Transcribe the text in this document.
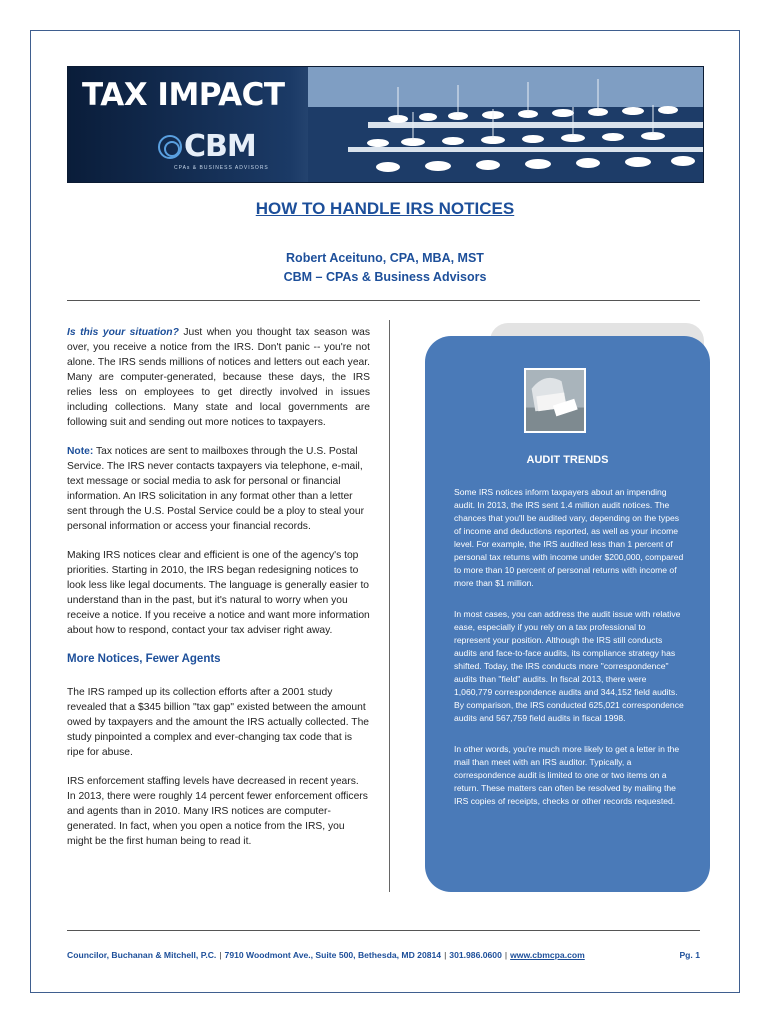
TAX IMPACT
CBM
CPAs & BUSINESS ADVISORS
HOW TO HANDLE IRS NOTICES
Robert Aceituno, CPA, MBA, MST
CBM – CPAs & Business Advisors

Is this your situation? Just when you thought tax season was over, you receive a notice from the IRS. Don't panic -- you're not alone. The IRS sends millions of notices and letters out each year. Many are computer-generated, because these days, the IRS relies less on employees to get directly involved in issues including collections. Many state and local governments are following suit and sending out more notices to taxpayers.

Note: Tax notices are sent to mailboxes through the U.S. Postal Service. The IRS never contacts taxpayers via telephone, e-mail, text message or social media to ask for personal or financial information. An IRS solicitation in any format other than a letter sent through the U.S. Postal Service could be a ploy to steal your personal information or access your financial records.

Making IRS notices clear and efficient is one of the agency's top priorities. Starting in 2010, the IRS began redesigning notices to look less like legal documents. The language is generally easier to understand than in the past, but it's natural to worry when you receive a notice. If you receive a notice and want more information about how to respond, contact your tax adviser right away.

More Notices, Fewer Agents

The IRS ramped up its collection efforts after a 2001 study revealed that a $345 billion "tax gap" existed between the amount owed by taxpayers and the amount the IRS actually collected. The study pinpointed a complex and ever-changing tax code that is ripe for abuse.

IRS enforcement staffing levels have decreased in recent years. In 2013, there were roughly 14 percent fewer enforcement officers and agents than in 2010. Many IRS notices are computer-generated. In fact, when you open a notice from the IRS, you might be the first human being to read it.

AUDIT TRENDS

Some IRS notices inform taxpayers about an impending audit. In 2013, the IRS sent 1.4 million audit notices. The chances that you'll be audited vary, depending on the types of income and deductions reported, as well as your income level. For example, the IRS audited less than 1 percent of personal tax returns with income under $200,000, compared to more than 10 percent of personal returns with income of more than $1 million.

In most cases, you can address the audit issue with relative ease, especially if you rely on a tax professional to represent your position. Although the IRS still conducts audits and face-to-face audits, its compliance strategy has shifted. Today, the IRS conducts more "correspondence" audits than "field" audits. In fiscal 2013, there were 1,060,779 correspondence audits and 344,152 field audits. By comparison, the IRS conducted 625,021 correspondence audits and 567,759 field audits in fiscal 1998.

In other words, you're much more likely to get a letter in the mail than meet with an IRS auditor. Typically, a correspondence audit is limited to one or two items on a return. These matters can often be resolved by mailing the IRS copies of receipts, checks or other records requested.

Councilor, Buchanan & Mitchell, P.C. | 7910 Woodmont Ave., Suite 500, Bethesda, MD 20814 | 301.986.0600 | www.cbmcpa.com	Pg. 1
